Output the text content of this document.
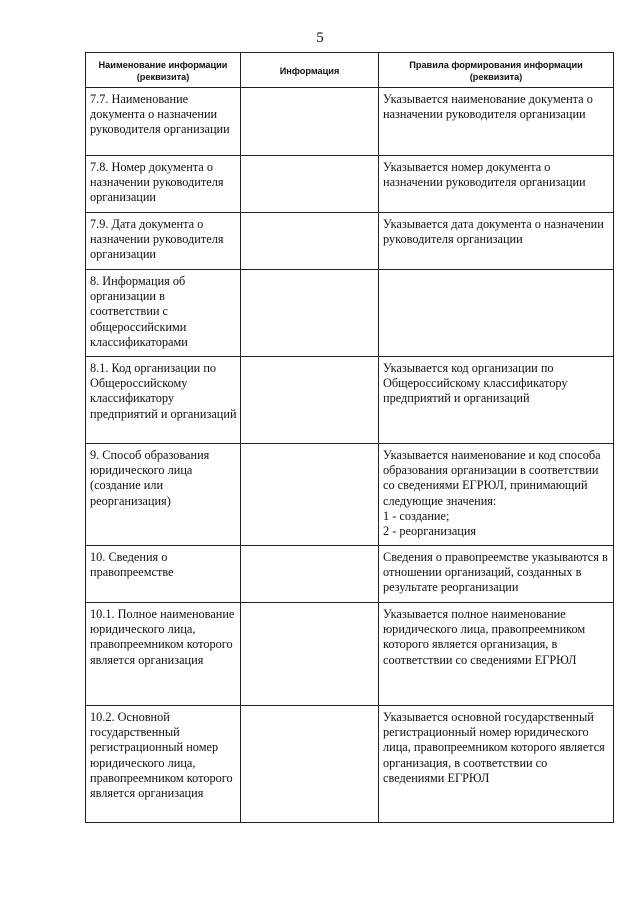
5
Наименование информации (реквизита)	Информация	Правила формирования информации (реквизита)
7.7. Наименование документа о назначении руководителя организации		Указывается наименование документа о назначении руководителя организации
7.8. Номер документа о назначении руководителя организации		Указывается номер документа о назначении руководителя организации
7.9. Дата документа о назначении руководителя организации		Указывается дата документа о назначении руководителя организации
8. Информация об организации в соответствии с общероссийскими классификаторами		
8.1. Код организации по Общероссийскому классификатору предприятий и организаций		Указывается код организации по Общероссийскому классификатору предприятий и организаций
9. Способ образования юридического лица (создание или реорганизация)		Указывается наименование и код способа образования организации в соответствии со сведениями ЕГРЮЛ, принимающий следующие значения:
1 - создание;
2 - реорганизация
10. Сведения о правопреемстве		Сведения о правопреемстве указываются в отношении организаций, созданных в результате реорганизации
10.1. Полное наименование юридического лица, правопреемником которого является организация		Указывается полное наименование юридического лица, правопреемником которого является организация, в соответствии со сведениями ЕГРЮЛ
10.2. Основной государственный регистрационный номер юридического лица, правопреемником которого является организация		Указывается основной государственный регистрационный номер юридического лица, правопреемником которого является организация, в соответствии со сведениями ЕГРЮЛ
